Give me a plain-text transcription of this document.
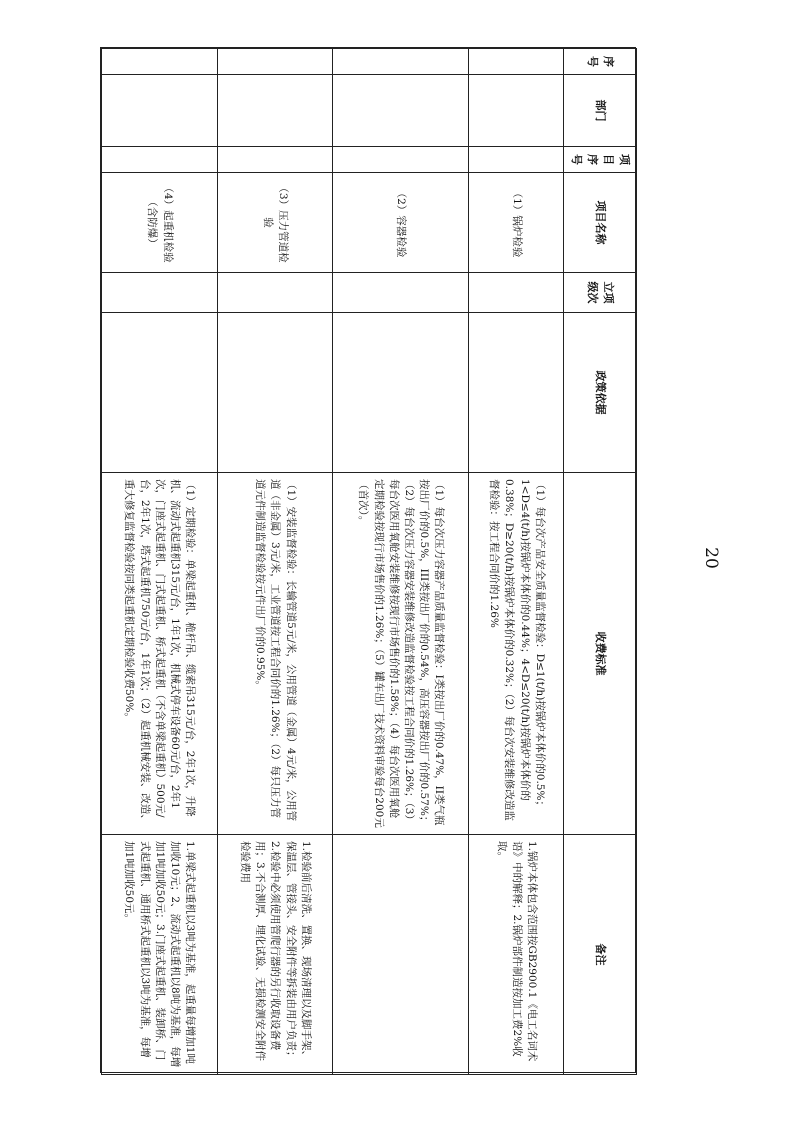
序号	部门	项目序号	项目名称	立项级次	政策依据	收费标准	备注
			（1）锅炉检验			（1）每台次产品安全质量监督检验：D≤1(t/h)按锅炉本体价的0.5%；1<D≤4(t/h)按锅炉本体价的0.44%；4<D≤20(t/h)按锅炉本体价的0.38%；D≥20(t/h)按锅炉本体价的0.32%；（2）每台次安装维修改造监督检验：按工程合同价的1.26%	1.锅炉本体包含范围按GB2900.1《电工名词术语》中的解释；2.锅炉部件制造按加工费2%收取。
			（2）容器检验			（1）每台次压力容器产品质量监督检验：I类按出厂价的0.47%，II类气瓶按出厂价的0.5%，III类按出厂价的0.54%，高压容器按出厂价的0.57%；（2）每台次压力容器安装维修改造监督检验按工程合同价的1.26%；（3）每台次医用氧舱安装维修按现行市场售价的1.58%；（4）每台次医用氧舱定期检验按现行市场售价的1.26%；（5）罐车出厂技术资料审验每台200元（首次）。	
			（3）压力管道检验			（1）安装监督检验：长输管道5元/米，公用管道（金属）4元/米，公用管道（非金属）3元/米，工业管道按工程合同价的1.26%；（2）每只压力管道元件制造监督检验按元件出厂价的0.95%。	1.检验前后清洗、置换、现场清理以及脚手架、保温层、管接头、安全附件等拆装由用户负责；2.检验中必须使用管爬行器的另行收取设备费用；3.不合测厚、埋化试验、无损检测安全附件检验费用
			（4）起重机检验（含防爆）			（1）定期检验：单梁起重机、桅杆吊、缆索吊315元/台，2年1次，升降机、流动式起重机315元/台，1年1次，机械式停车设备60元/台，2年1次，门座式起重机、门式起重机、桥式起重机（不含单梁起重机）500元/台，2年1次，塔式起重机750元/台，1年1次；（2）起重机械安装、改造、重大修复监督检验按同类起重机定期检验收费50%。	1.单梁式起重机以3吨为基准，起重量每增加1吨加收10元；2、流动式起重机以8吨为基准，每增加1吨加收50元；3.门座式起重机、装卸桥、门式起重机、通用桥式起重机以3吨为基准，每增加1吨加收50元。
20
